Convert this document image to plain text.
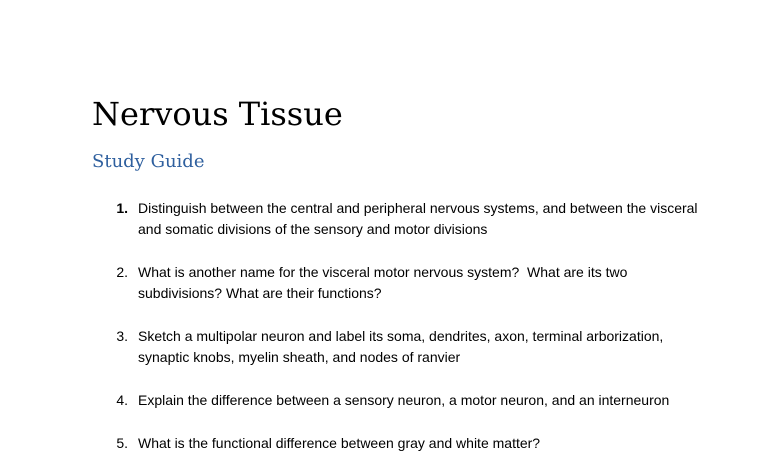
Nervous Tissue
Study Guide
1. Distinguish between the central and peripheral nervous systems, and between the visceral and somatic divisions of the sensory and motor divisions
2. What is another name for the visceral motor nervous system?  What are its two subdivisions? What are their functions?
3. Sketch a multipolar neuron and label its soma, dendrites, axon, terminal arborization, synaptic knobs, myelin sheath, and nodes of ranvier
4. Explain the difference between a sensory neuron, a motor neuron, and an interneuron
5. What is the functional difference between gray and white matter?
